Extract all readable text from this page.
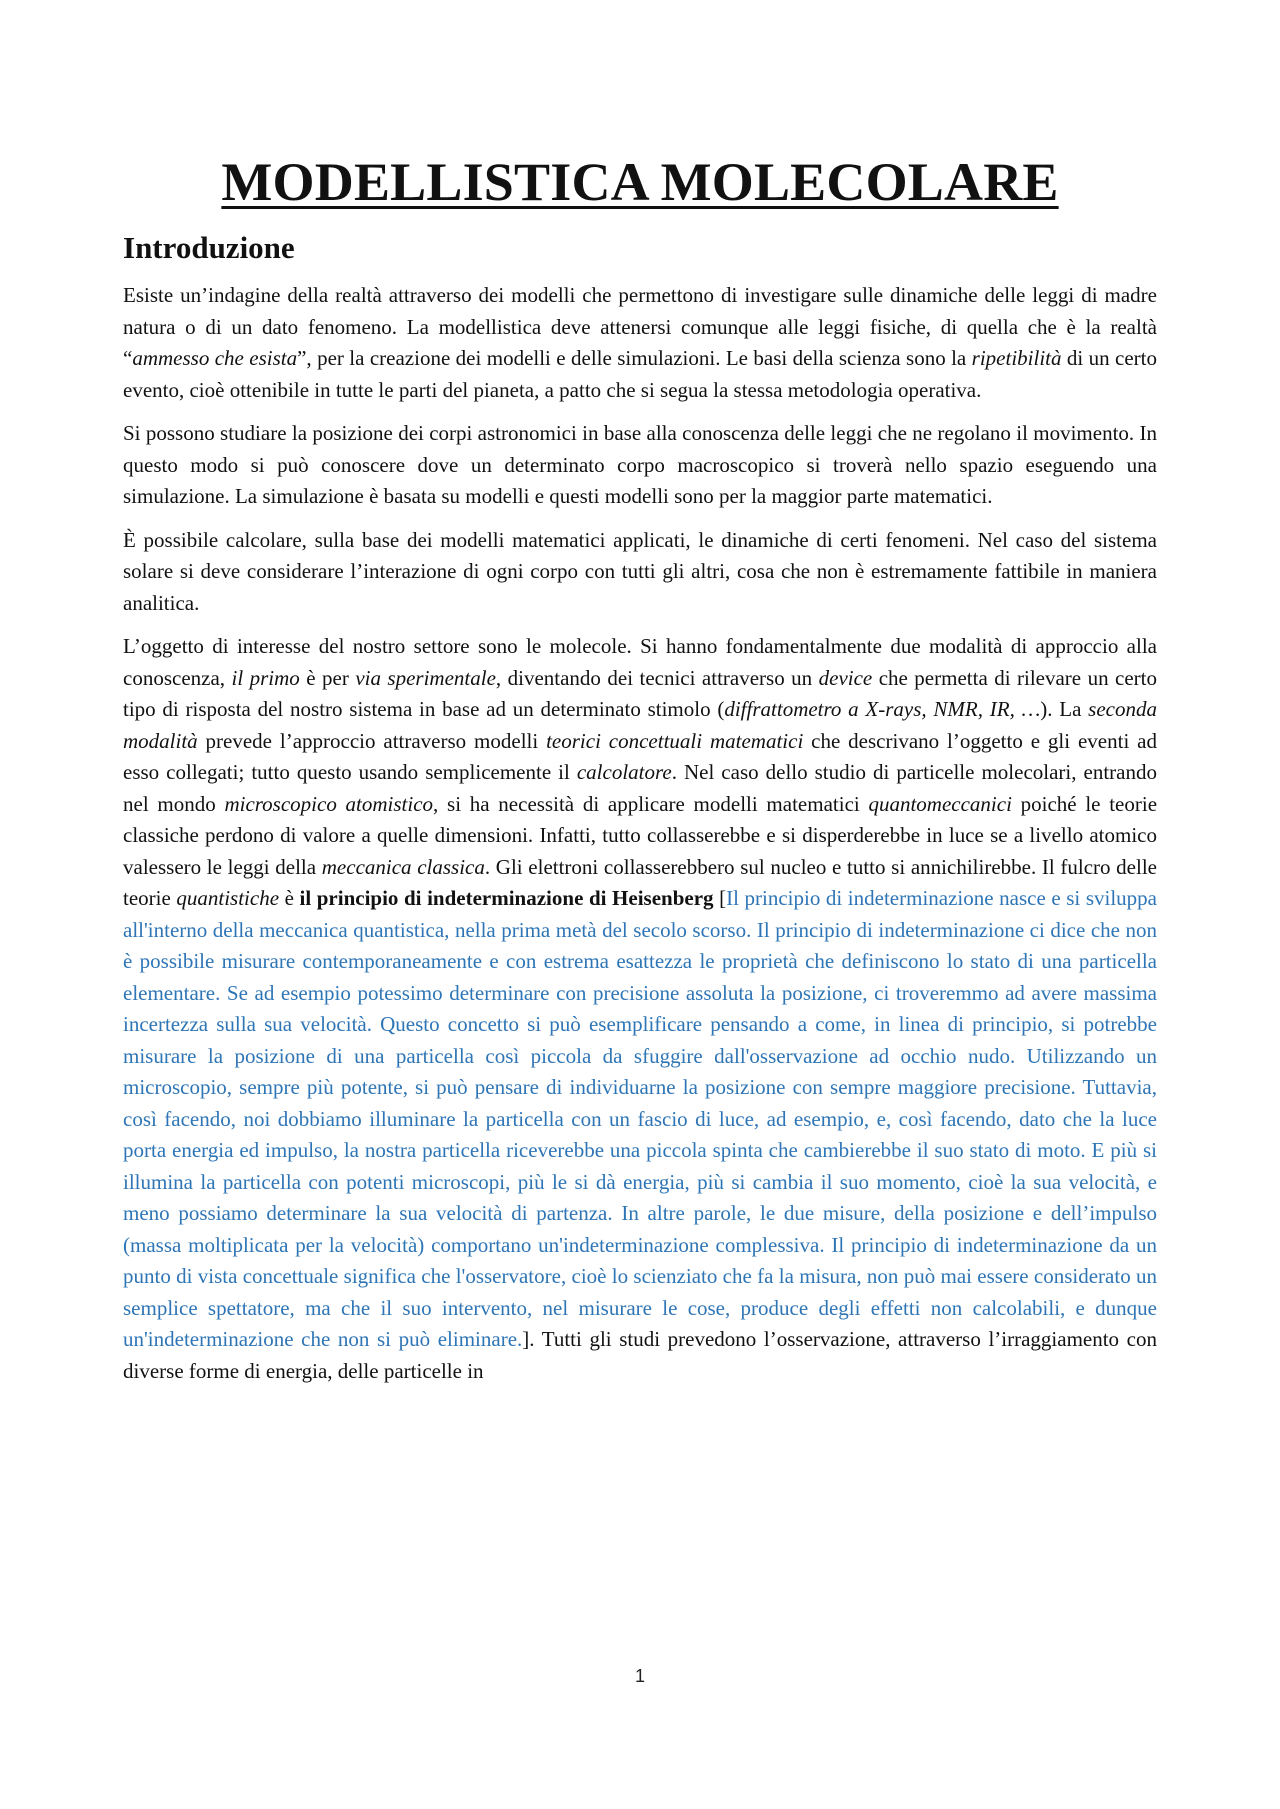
MODELLISTICA MOLECOLARE
Introduzione

Esiste un’indagine della realtà attraverso dei modelli che permettono di investigare sulle dinamiche delle leggi di madre natura o di un dato fenomeno. La modellistica deve attenersi comunque alle leggi fisiche, di quella che è la realtà “ammesso che esista”, per la creazione dei modelli e delle simulazioni. Le basi della scienza sono la ripetibilità di un certo evento, cioè ottenibile in tutte le parti del pianeta, a patto che si segua la stessa metodologia operativa.

Si possono studiare la posizione dei corpi astronomici in base alla conoscenza delle leggi che ne regolano il movimento. In questo modo si può conoscere dove un determinato corpo macroscopico si troverà nello spazio eseguendo una simulazione. La simulazione è basata su modelli e questi modelli sono per la maggior parte matematici.

È possibile calcolare, sulla base dei modelli matematici applicati, le dinamiche di certi fenomeni. Nel caso del sistema solare si deve considerare l’interazione di ogni corpo con tutti gli altri, cosa che non è estremamente fattibile in maniera analitica.

L’oggetto di interesse del nostro settore sono le molecole. Si hanno fondamentalmente due modalità di approccio alla conoscenza, il primo è per via sperimentale, diventando dei tecnici attraverso un device che permetta di rilevare un certo tipo di risposta del nostro sistema in base ad un determinato stimolo (diffrattometro a X-rays, NMR, IR, …). La seconda modalità prevede l’approccio attraverso modelli teorici concettuali matematici che descrivano l’oggetto e gli eventi ad esso collegati; tutto questo usando semplicemente il calcolatore. Nel caso dello studio di particelle molecolari, entrando nel mondo microscopico atomistico, si ha necessità di applicare modelli matematici quantomeccanici poiché le teorie classiche perdono di valore a quelle dimensioni. Infatti, tutto collasserebbe e si disperderebbe in luce se a livello atomico valessero le leggi della meccanica classica. Gli elettroni collasserebbero sul nucleo e tutto si annichilirebbe. Il fulcro delle teorie quantistiche è il principio di indeterminazione di Heisenberg [Il principio di indeterminazione nasce e si sviluppa all'interno della meccanica quantistica, nella prima metà del secolo scorso. Il principio di indeterminazione ci dice che non è possibile misurare contemporaneamente e con estrema esattezza le proprietà che definiscono lo stato di una particella elementare. Se ad esempio potessimo determinare con precisione assoluta la posizione, ci troveremmo ad avere massima incertezza sulla sua velocità. Questo concetto si può esemplificare pensando a come, in linea di principio, si potrebbe misurare la posizione di una particella così piccola da sfuggire dall'osservazione ad occhio nudo. Utilizzando un microscopio, sempre più potente, si può pensare di individuarne la posizione con sempre maggiore precisione. Tuttavia, così facendo, noi dobbiamo illuminare la particella con un fascio di luce, ad esempio, e, così facendo, dato che la luce porta energia ed impulso, la nostra particella riceverebbe una piccola spinta che cambierebbe il suo stato di moto. E più si illumina la particella con potenti microscopi, più le si dà energia, più si cambia il suo momento, cioè la sua velocità, e meno possiamo determinare la sua velocità di partenza. In altre parole, le due misure, della posizione e dell’impulso (massa moltiplicata per la velocità) comportano un'indeterminazione complessiva. Il principio di indeterminazione da un punto di vista concettuale significa che l'osservatore, cioè lo scienziato che fa la misura, non può mai essere considerato un semplice spettatore, ma che il suo intervento, nel misurare le cose, produce degli effetti non calcolabili, e dunque un'indeterminazione che non si può eliminare.]. Tutti gli studi prevedono l’osservazione, attraverso l’irraggiamento con diverse forme di energia, delle particelle in

1
